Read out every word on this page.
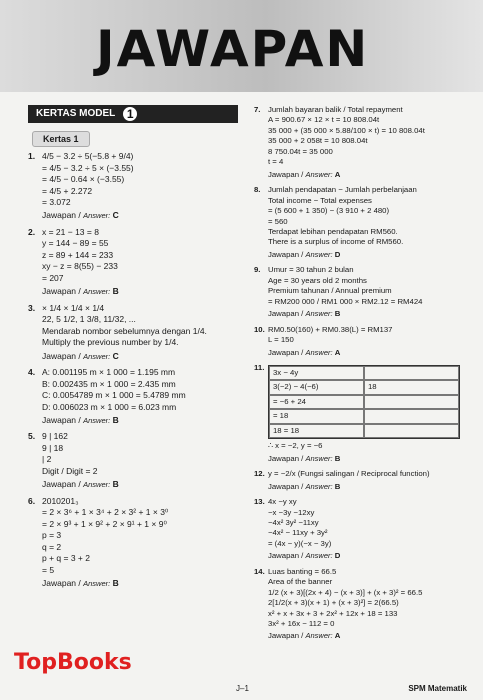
JAWAPAN
KERTAS MODEL 1
Kertas 1
1. 4/5 − 3.2 ÷ 5(−5.8 + 9/4)
= 4/5 − 3.2 ÷ 5 × (−3.55)
= 4/5 − 0.64 × (−3.55)
= 4/5 + 2.272
= 3.072
Jawapan / Answer: C
2. x = 21 − 13 = 8
y = 144 − 89 = 55
z = 89 + 144 = 233
xy − z = 8(55) − 233
= 207
Jawapan / Answer: B
3. × 1/4 × 1/4 × 1/4
22, 5 1/2, 1 3/8, 11/32, ...
Mendarab nombor sebelumnya dengan 1/4.
Multiply the previous number by 1/4.
Jawapan / Answer: C
4. A: 0.001195 m × 1 000 = 1.195 mm
B: 0.002435 m × 1 000 = 2.435 mm
C: 0.0054789 m × 1 000 = 5.4789 mm
D: 0.006023 m × 1 000 = 6.023 mm
Jawapan / Answer: B
5. 9 | 162
9 | 18
| 2
Digit / Digit = 2
Jawapan / Answer: B
6. 2010201₃
= 2 × 3⁶ + 1 × 3⁴ + 2 × 3² + 1 × 3⁰
= 2 × 9³ + 1 × 9² + 2 × 9¹ + 1 × 9⁰
p = 3
q = 2
p + q = 3 + 2
= 5
Jawapan / Answer: B
7. Jumlah bayaran balik / Total repayment
A = 900.67 × 12 × t = 10 808.04t
35 000 + (35 000 × 5.88/100 × t) = 10 808.04t
35 000 + 2 058t = 10 808.04t
8 750.04t = 35 000
t = 4
Jawapan / Answer: A
8. Jumlah pendapatan − Jumlah perbelanjaan
Total income − Total expenses
= (5 600 + 1 350) − (3 910 + 2 480)
= 560
Terdapat lebihan pendapatan RM560.
There is a surplus of income of RM560.
Jawapan / Answer: D
9. Umur = 30 tahun 2 bulan
Age = 30 years old 2 months
Premium tahunan / Annual premium
= RM200 000 / RM1 000 × RM2.12 = RM424
Jawapan / Answer: B
10. RM0.50(160) + RM0.38(L) = RM137
L = 150
Jawapan / Answer: A
11.
3x − 4y
3(−2) − 4(−6)	18
= −6 + 24
= 18
18 = 18
∴ x = −2, y = −6
Jawapan / Answer: B
12. y = −2/x (Fungsi salingan / Reciprocal function)
Jawapan / Answer: B
13. 4x −y xy
−x −3y −12xy
−4x² 3y² −11xy
−4x² − 11xy + 3y²
= (4x − y)(−x − 3y)
Jawapan / Answer: D
14. Luas banting = 66.5
Area of the banner
1/2 (x + 3)[(2x + 4) − (x + 3)] + (x + 3)² = 66.5
2[1/2(x + 3)(x + 1) + (x + 3)²] = 2(66.5)
x² + x + 3x + 3 + 2x² + 12x + 18 = 133
3x² + 16x − 112 = 0
Jawapan / Answer: A
TopBooks
J–1	SPM Matematik
